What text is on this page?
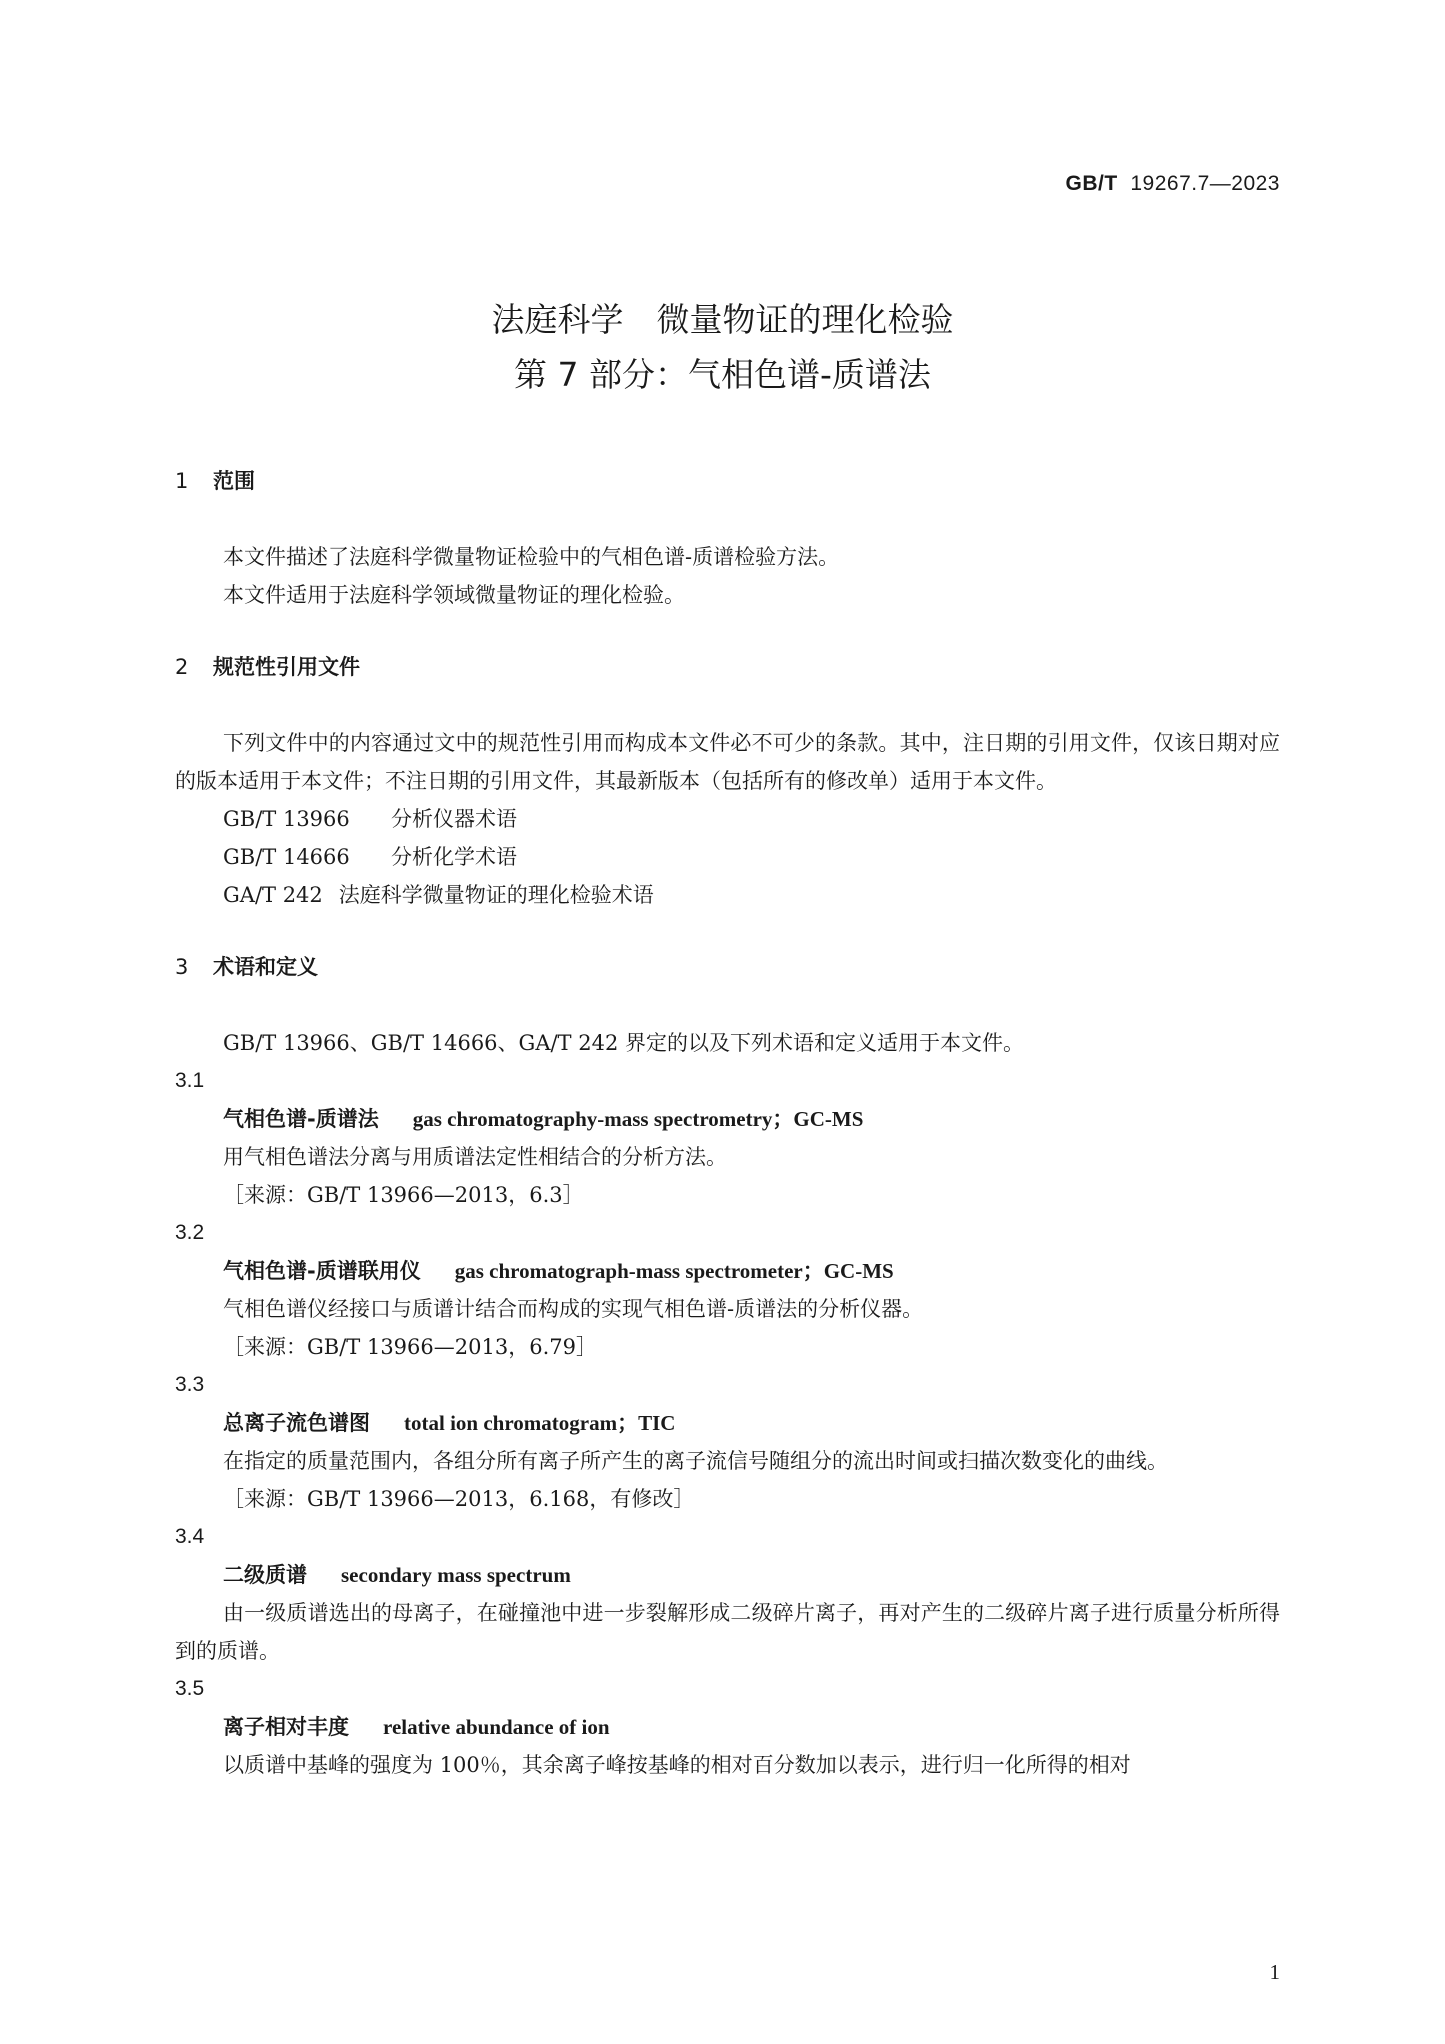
GB/T 19267.7—2023
法庭科学　微量物证的理化检验
第 7 部分：气相色谱-质谱法
1 范围

本文件描述了法庭科学微量物证检验中的气相色谱-质谱检验方法。

本文件适用于法庭科学领域微量物证的理化检验。

2 规范性引用文件

下列文件中的内容通过文中的规范性引用而构成本文件必不可少的条款。其中，注日期的引用文件，仅该日期对应的版本适用于本文件；不注日期的引用文件，其最新版本（包括所有的修改单）适用于本文件。

GB/T 13966 分析仪器术语

GB/T 14666 分析化学术语

GA/T 242 法庭科学微量物证的理化检验术语

3 术语和定义

GB/T 13966、GB/T 14666、GA/T 242 界定的以及下列术语和定义适用于本文件。

3.1
气相色谱-质谱法 gas chromatography-mass spectrometry；GC-MS

用气相色谱法分离与用质谱法定性相结合的分析方法。

［来源：GB/T 13966—2013，6.3］

3.2
气相色谱-质谱联用仪 gas chromatograph-mass spectrometer；GC-MS

气相色谱仪经接口与质谱计结合而构成的实现气相色谱-质谱法的分析仪器。

［来源：GB/T 13966—2013，6.79］

3.3
总离子流色谱图 total ion chromatogram；TIC

在指定的质量范围内，各组分所有离子所产生的离子流信号随组分的流出时间或扫描次数变化的曲线。

［来源：GB/T 13966—2013，6.168，有修改］

3.4
二级质谱 secondary mass spectrum

由一级质谱选出的母离子，在碰撞池中进一步裂解形成二级碎片离子，再对产生的二级碎片离子进行质量分析所得到的质谱。

3.5
离子相对丰度 relative abundance of ion

以质谱中基峰的强度为 100％，其余离子峰按基峰的相对百分数加以表示，进行归一化所得的相对

1
